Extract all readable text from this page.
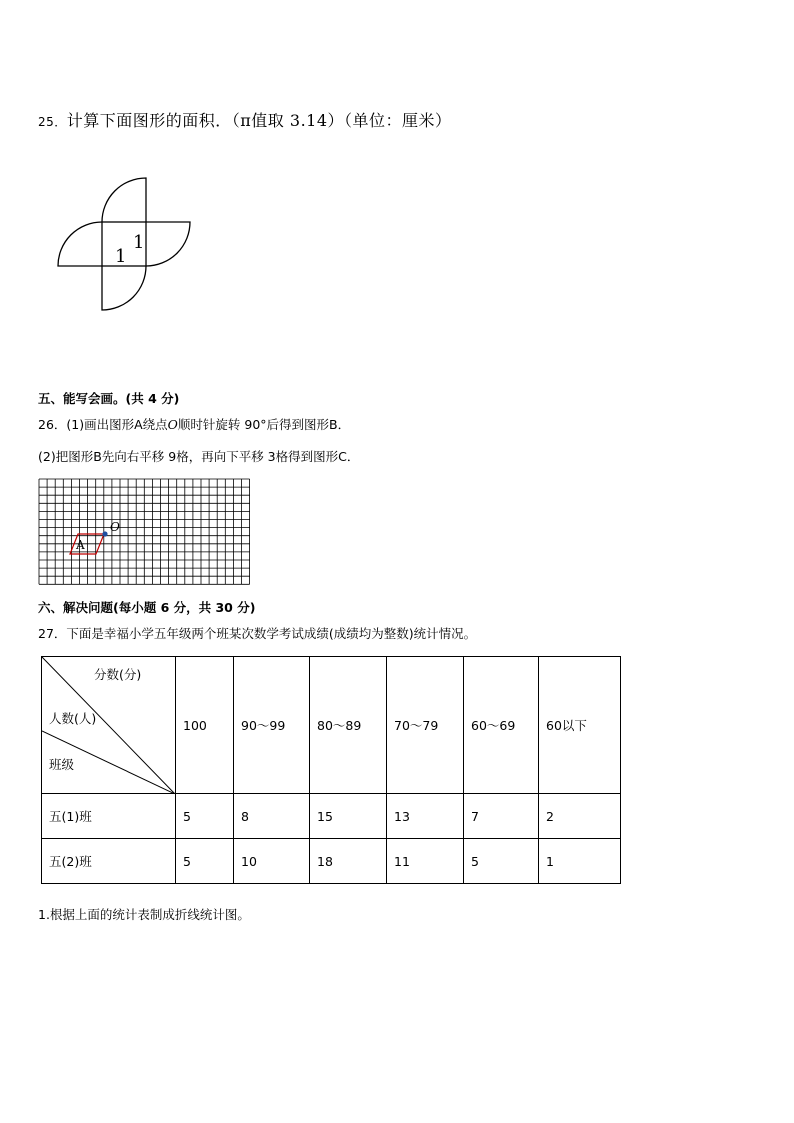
25．计算下面图形的面积．（π值取 3.14）（单位：厘米）
1
1
五、能写会画。(共 4 分)
26．(1)画出图形A绕点O顺时针旋转 90°后得到图形B．
(2)把图形B先向右平移 9格，再向下平移 3格得到图形C．
A
O
六、解决问题(每小题 6 分，共 30 分)
27．下面是幸福小学五年级两个班某次数学考试成绩(成绩均为整数)统计情况。
分数(分)
人数(人)
班级	100	90～99	80～89	70～79	60～69	60以下
五(1)班	5	8	15	13	7	2
五(2)班	5	10	18	11	5	1
1.根据上面的统计表制成折线统计图。
